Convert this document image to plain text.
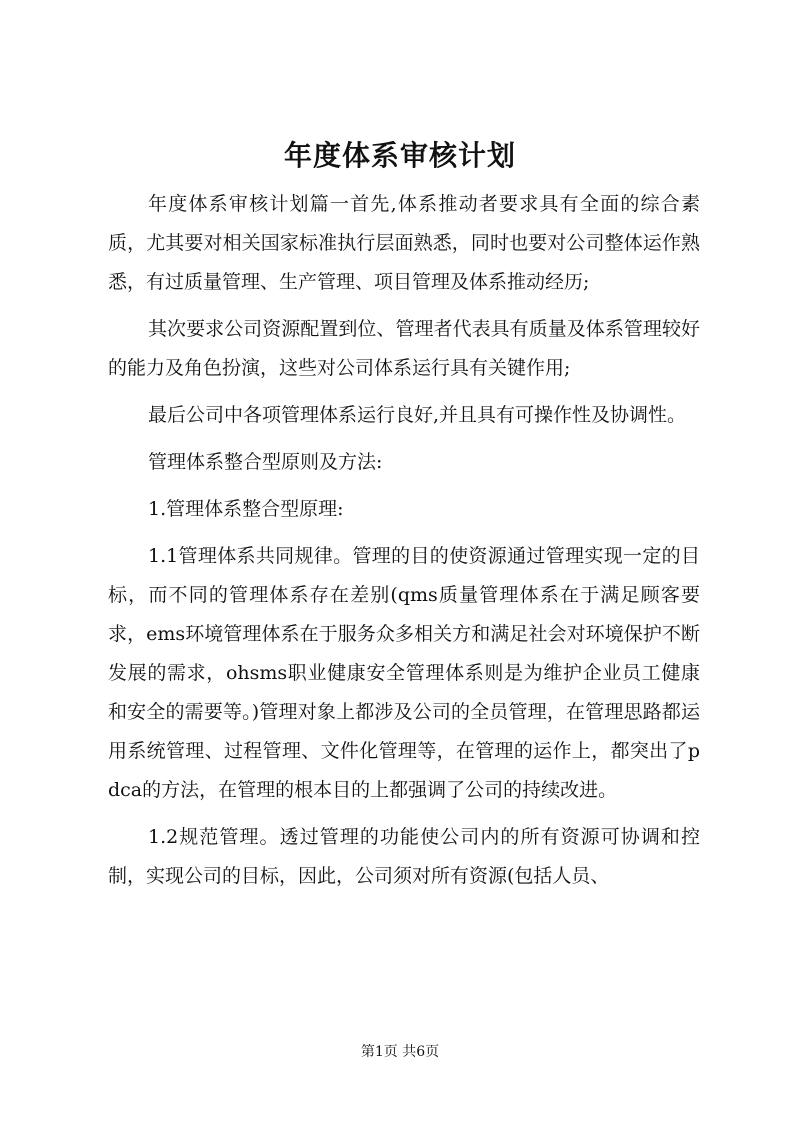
年度体系审核计划

年度体系审核计划篇一首先,体系推动者要求具有全面的综合素质，尤其要对相关国家标准执行层面熟悉，同时也要对公司整体运作熟悉，有过质量管理、生产管理、项目管理及体系推动经历;

其次要求公司资源配置到位、管理者代表具有质量及体系管理较好的能力及角色扮演，这些对公司体系运行具有关键作用;

最后公司中各项管理体系运行良好,并且具有可操作性及协调性。

管理体系整合型原则及方法:

1.管理体系整合型原理:

1.1管理体系共同规律。管理的目的使资源通过管理实现一定的目标，而不同的管理体系存在差别(qms质量管理体系在于满足顾客要求，ems环境管理体系在于服务众多相关方和满足社会对环境保护不断发展的需求，ohsms职业健康安全管理体系则是为维护企业员工健康和安全的需要等。)管理对象上都涉及公司的全员管理，在管理思路都运用系统管理、过程管理、文件化管理等，在管理的运作上，都突出了pdca的方法，在管理的根本目的上都强调了公司的持续改进。

1.2规范管理。透过管理的功能使公司内的所有资源可协调和控制，实现公司的目标，因此，公司须对所有资源(包括人员、

第1页 共6页
